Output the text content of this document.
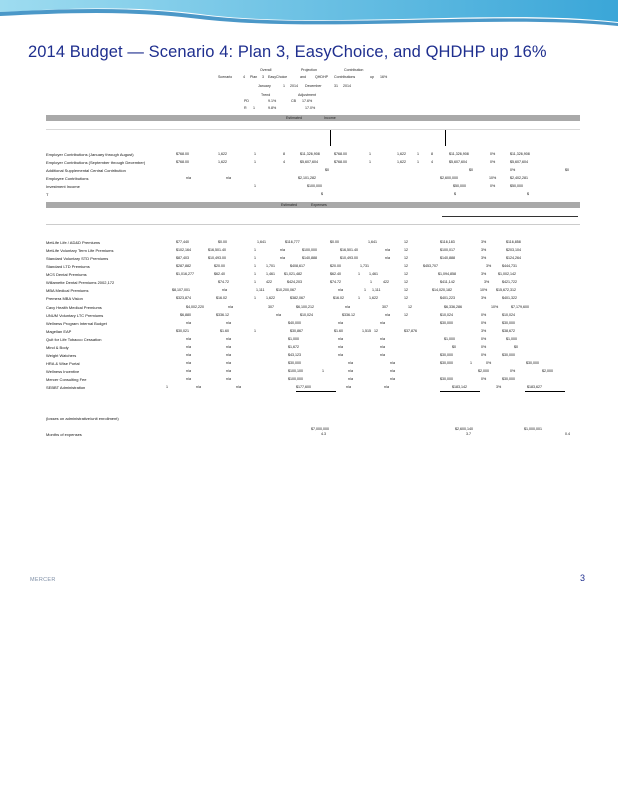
2014 Budget — Scenario 4: Plan 3, EasyChoice, and QHDHP up 16%
Overall	Projection	Contribution
Scenario	4 Plan 3 EasyChoice	and	QHDHP Contributions	up 16%
January	1 2014 December	31 2014
Trend	Adjustment
PD	9.1%	CB 17.6%
R 1	9.8%	17.0%
Estimated	Income
Employer Contributions (January through August)	$768.00	1,622	1	8	$11,326,908	$768.00	1	1,622	1	8	$11,326,908	0%	$11,326,908
Employer Contributions (September through December)	$768.00	1,622	1	4	$5,607,604	$768.00	1	1,622	1	4	$5,607,604	0%	$5,607,604
Additional Supplemental Central Contribution	$0	$0	0%	$0
Employee Contributions	n/a	n/a	$2,101,282	$2,600,000	10%	$2,402,281
Investment Income	1	$100,000	$50,000	0%	$50,000
T	$	$	$
Estimated	Expenses
MetLife Life / AD&D Premiums	$77,440	$0.00	1,641	$116,777	$0.00	1,641	12	$116,183	3%	$116,858
MetLife Voluntary Term Life Premiums	$102,164	$16,501.40	1	n/a	$100,000	$16,501.40	n/a	12	$100,017	3%	$203,104
Standard Voluntary STD Premiums	$87,403	$10,493.00	1	n/a	$140,888	$10,493.00	n/a	12	$140,888	3%	$124,264
Standard LTD Premiums	$287,882	$20.00	1	1,701	$408,617	$20.00	1,731	12	$453,707	3%	$444,731
MCS Dental Premiums	$1,016,277	$62.40	1	1,461	$1,021,482	$62.40	1	1,461	12	$1,094,858	3%	$1,002,142
Willamette Dental Premiums 2002,172	$74.72	1	422	$424,203	$74.72	1	422	12	$411,142	3%	$421,722
MBA Medical Premiums	$8,107,001	n/a	1,111	$10,200,067	n/a	1 1,111	12	$14,020,182	10% $15,672,312
Premera MBA Vision	$323,874	$16.02	1	1,622	$382,067	$16.02	1	1,622	12	$401,223	3%	$401,322
Cavy Health Medical Premiums	$4,002,220	n/a	307	$6,100,212	n/a	307	12	$6,336,286	10%	$7,179,600
UNUM Voluntary LTC Premiums	$6,880	$336.12	n/a	$10,024	$336.12	n/a	12	$10,024	0%	$10,024
Wellness Program Internal Budget	n/a	n/a	$40,000	n/a	n/a	$30,000	0%	$30,000
Magellan EAP	$30,021	$1.60	1	$30,867	$1.60	1,515 12	$37,876	3%	$38,672
Quit for Life Tobacco Cessation	n/a	n/a	$1,000	n/a	n/a	$1,000	0%	$1,000
Mind & Body	n/a	n/a	$1,672	n/a	n/a	$0	0%	$0
Weight Watchers	n/a	n/a	$43,123	n/a	n/a	$30,000	0%	$30,000
HRA & Wise Portal	n/a	n/a	$30,000	n/a	n/a	$30,000	1	0%	$30,000
Wellness Incentive	n/a	n/a	$100,100	1	n/a	n/a	$2,000	0%	$2,000
Mercer Consulting Fee	n/a	n/a	$100,000	n/a	n/a	$30,000	0%	$30,000
SEBBT Administration	1	n/a	n/a	$177,600	n/a	n/a	$183,142	3%	$183,627
(losses on administrative/unit enrollment)
$7,000,000	$2,600,140	$1,000,001
Months of expenses	4.3	3.7	0.4
MERCER	3
